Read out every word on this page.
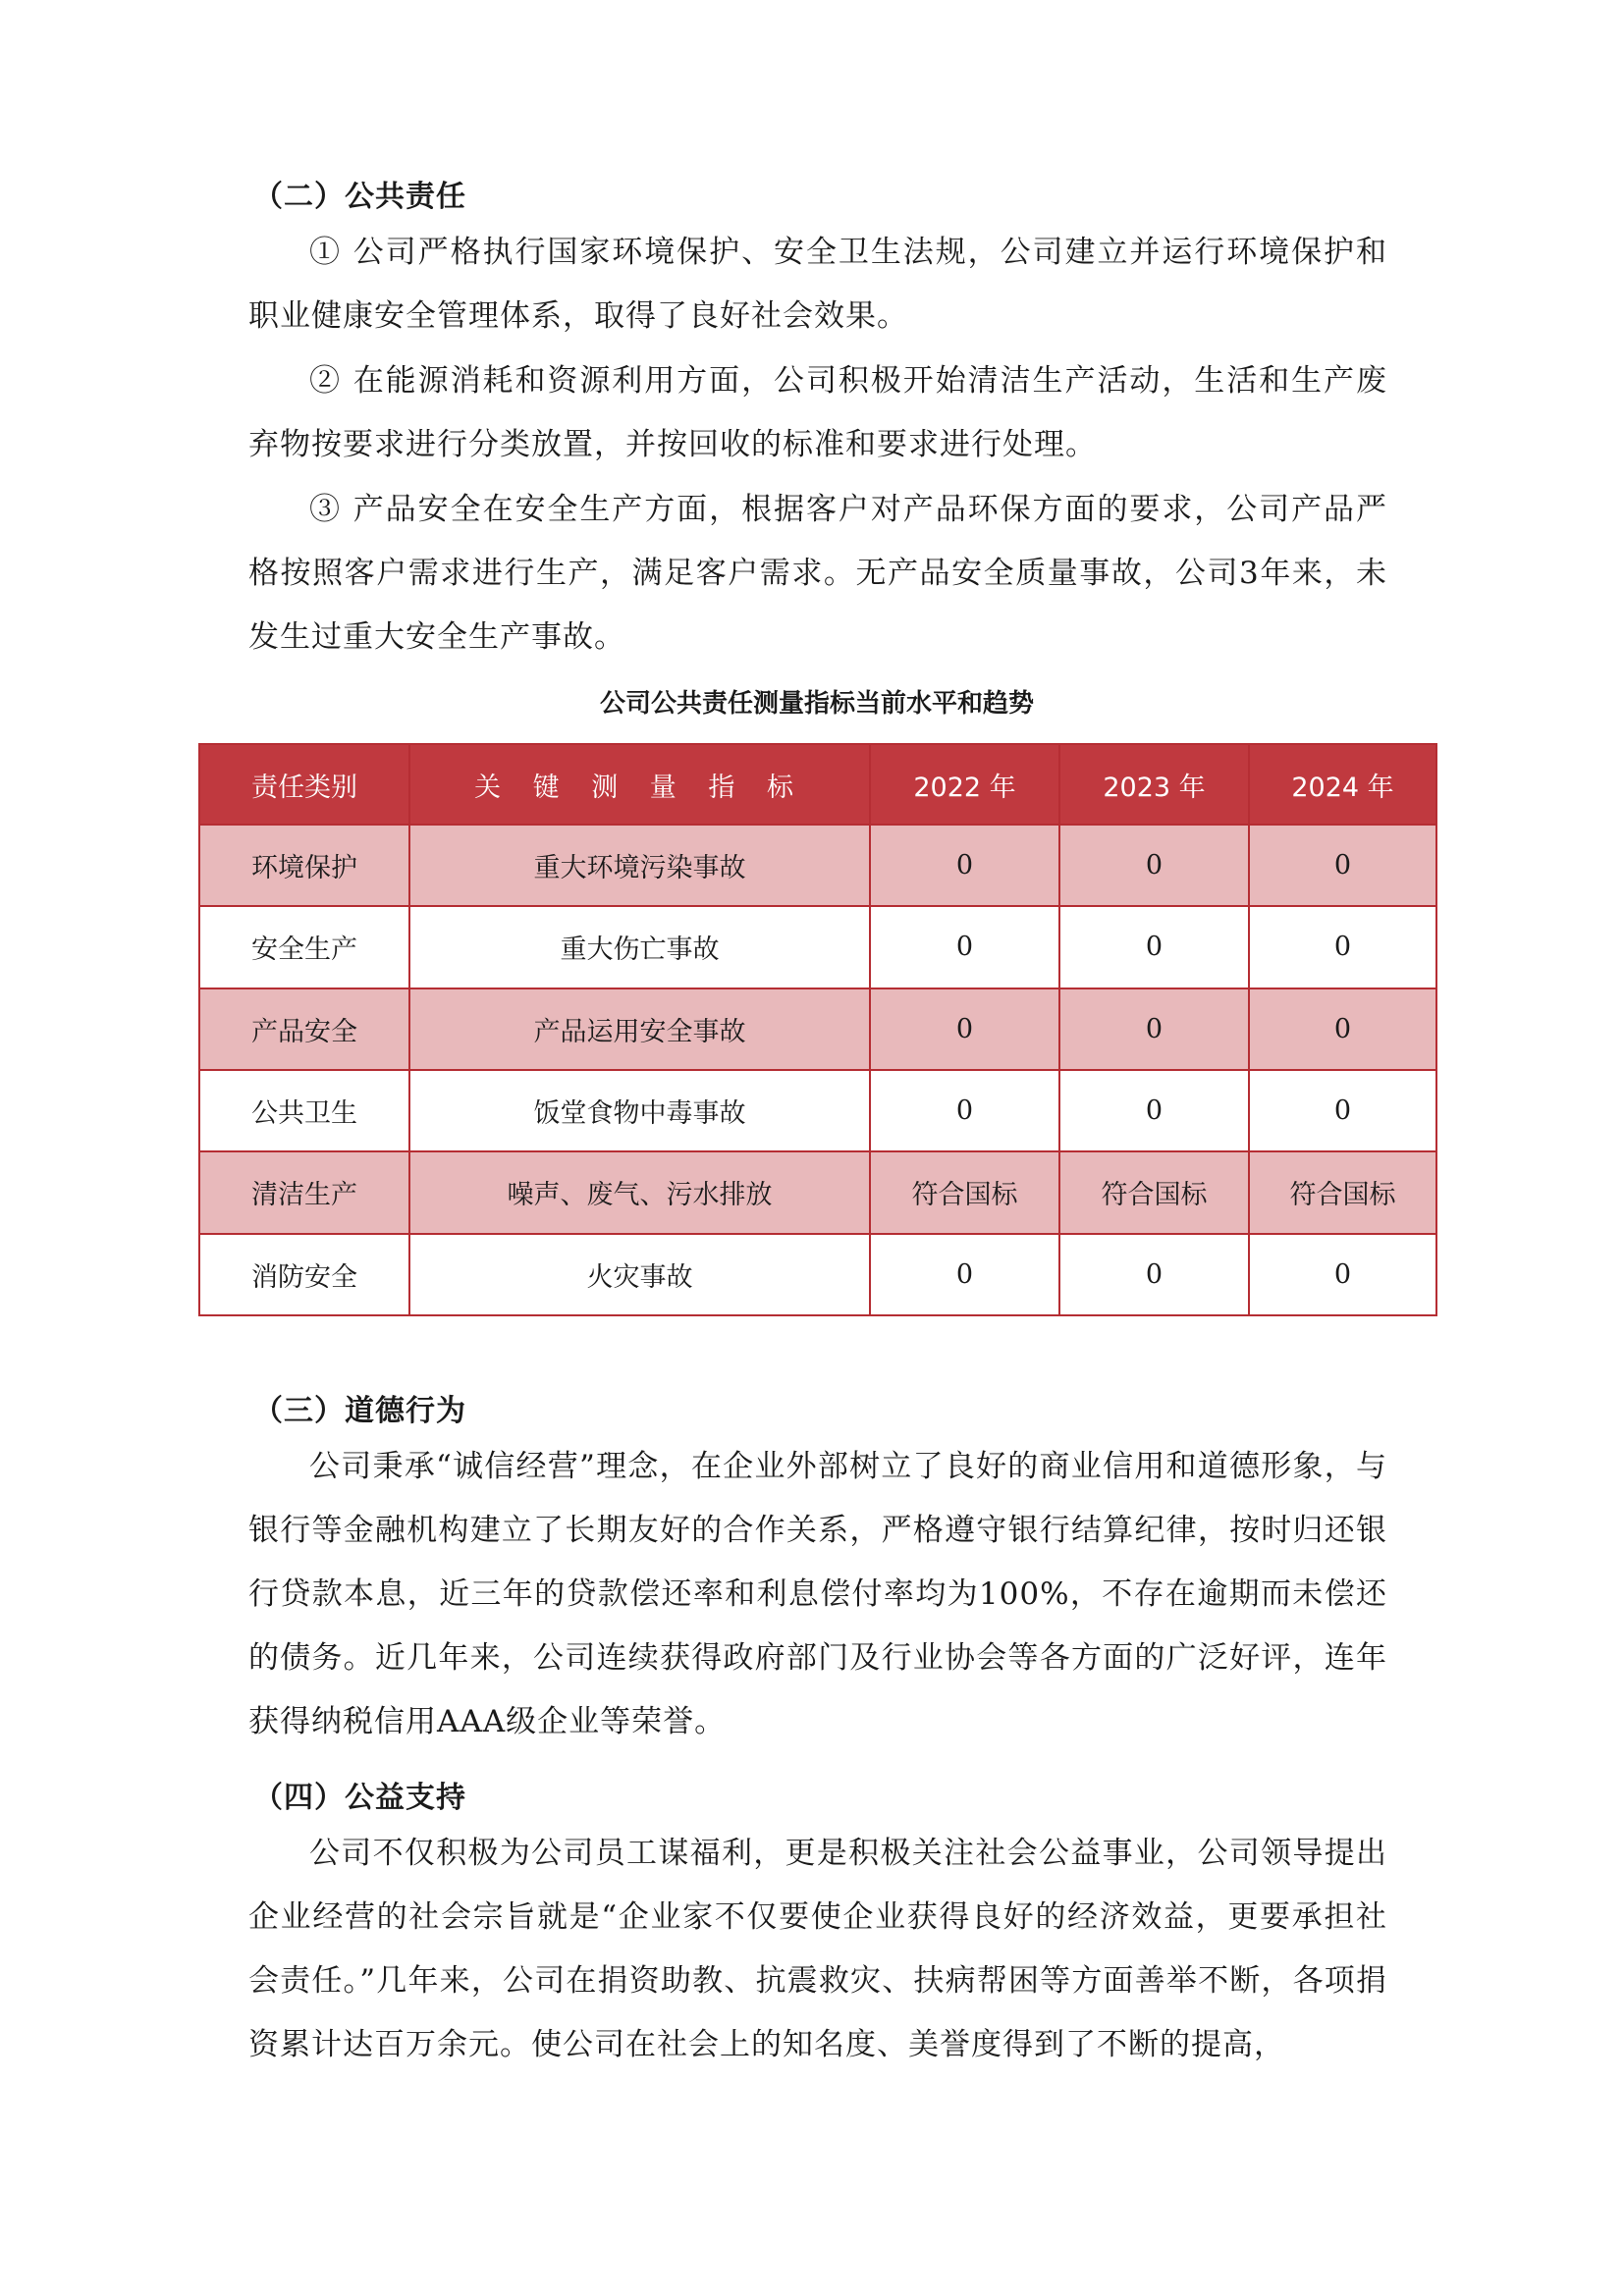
（二）公共责任

① 公司严格执行国家环境保护、安全卫生法规，公司建立并运行环境保护和职业健康安全管理体系，取得了良好社会效果。

② 在能源消耗和资源利用方面，公司积极开始清洁生产活动，生活和生产废弃物按要求进行分类放置，并按回收的标准和要求进行处理。

③ 产品安全在安全生产方面，根据客户对产品环保方面的要求，公司产品严格按照客户需求进行生产，满足客户需求。无产品安全质量事故，公司3年来，未发生过重大安全生产事故。

公司公共责任测量指标当前水平和趋势
责任类别	关 键 测 量 指 标	2022 年	2023 年	2024 年
环境保护	重大环境污染事故	0	0	0
安全生产	重大伤亡事故	0	0	0
产品安全	产品运用安全事故	0	0	0
公共卫生	饭堂食物中毒事故	0	0	0
清洁生产	噪声、废气、污水排放	符合国标	符合国标	符合国标
消防安全	火灾事故	0	0	0
（三）道德行为

公司秉承“诚信经营”理念，在企业外部树立了良好的商业信用和道德形象，与银行等金融机构建立了长期友好的合作关系，严格遵守银行结算纪律，按时归还银行贷款本息，近三年的贷款偿还率和利息偿付率均为100%，不存在逾期而未偿还的债务。近几年来，公司连续获得政府部门及行业协会等各方面的广泛好评，连年获得纳税信用AAA级企业等荣誉。

（四）公益支持

公司不仅积极为公司员工谋福利，更是积极关注社会公益事业，公司领导提出企业经营的社会宗旨就是“企业家不仅要使企业获得良好的经济效益，更要承担社会责任。”几年来，公司在捐资助教、抗震救灾、扶病帮困等方面善举不断，各项捐资累计达百万余元。使公司在社会上的知名度、美誉度得到了不断的提高，
